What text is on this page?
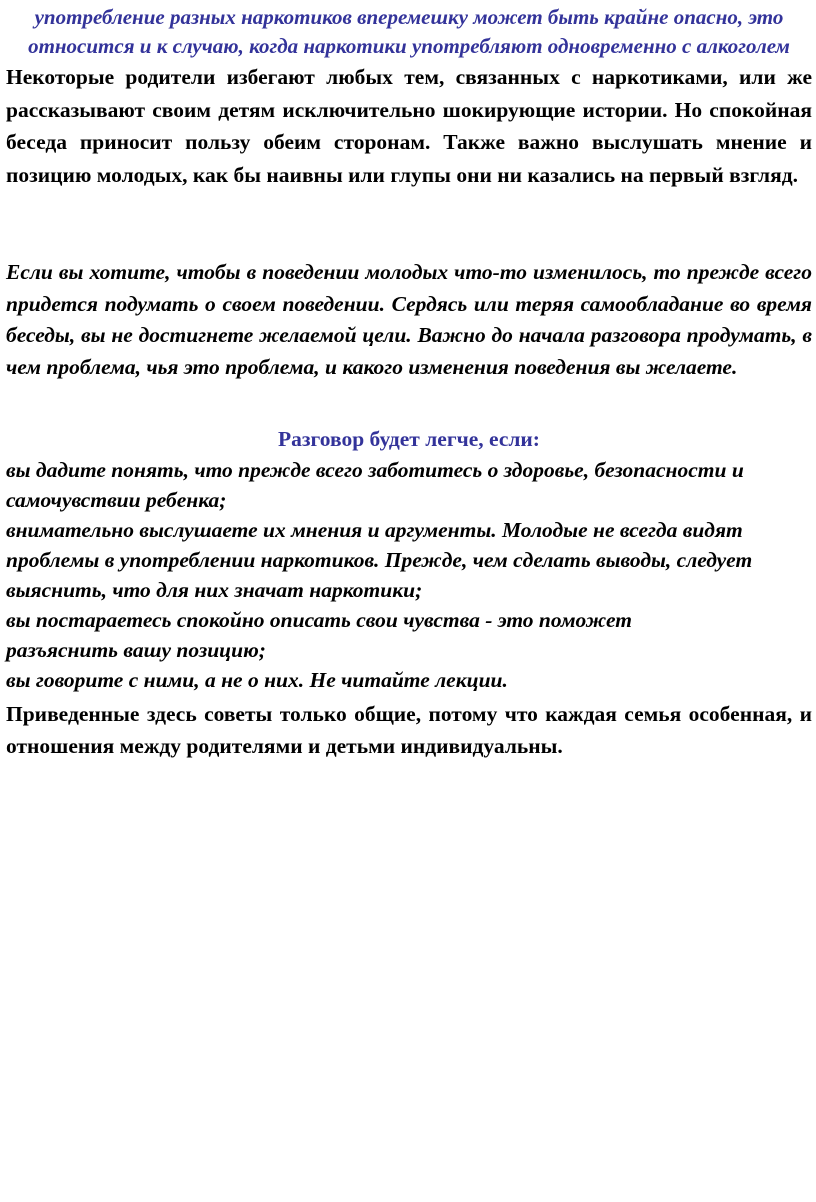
употребление разных наркотиков вперемешку может быть крайне опасно, это относится и к случаю, когда наркотики употребляют одновременно с алкоголем

Некоторые родители избегают любых тем, связанных с наркотиками, или же рассказывают своим детям исключительно шокирующие истории. Но спокойная беседа приносит пользу обеим сторонам. Также важно выслушать мнение и позицию молодых, как бы наивны или глупы они ни казались на первый взгляд.

Если вы хотите, чтобы в поведении молодых что-то изменилось, то прежде всего придется подумать о своем поведении. Сердясь или теряя самообладание во время беседы, вы не достигнете желаемой цели. Важно до начала разговора продумать, в чем проблема, чья это проблема, и какого изменения поведения вы желаете.

Разговор будет легче, если:
вы дадите понять, что прежде всего заботитесь о здоровье, безопасности и самочувствии ребенка;
внимательно выслушаете их мнения и аргументы. Молодые не всегда видят проблемы в употреблении наркотиков. Прежде, чем сделать выводы, следует выяснить, что для них значат наркотики;
вы постараетесь спокойно описать свои чувства - это поможет разъяснить вашу позицию;
вы говорите с ними, а не о них. Не читайте лекции.

Приведенные здесь советы только общие, потому что каждая семья особенная, и отношения между родителями и детьми индивидуальны.
